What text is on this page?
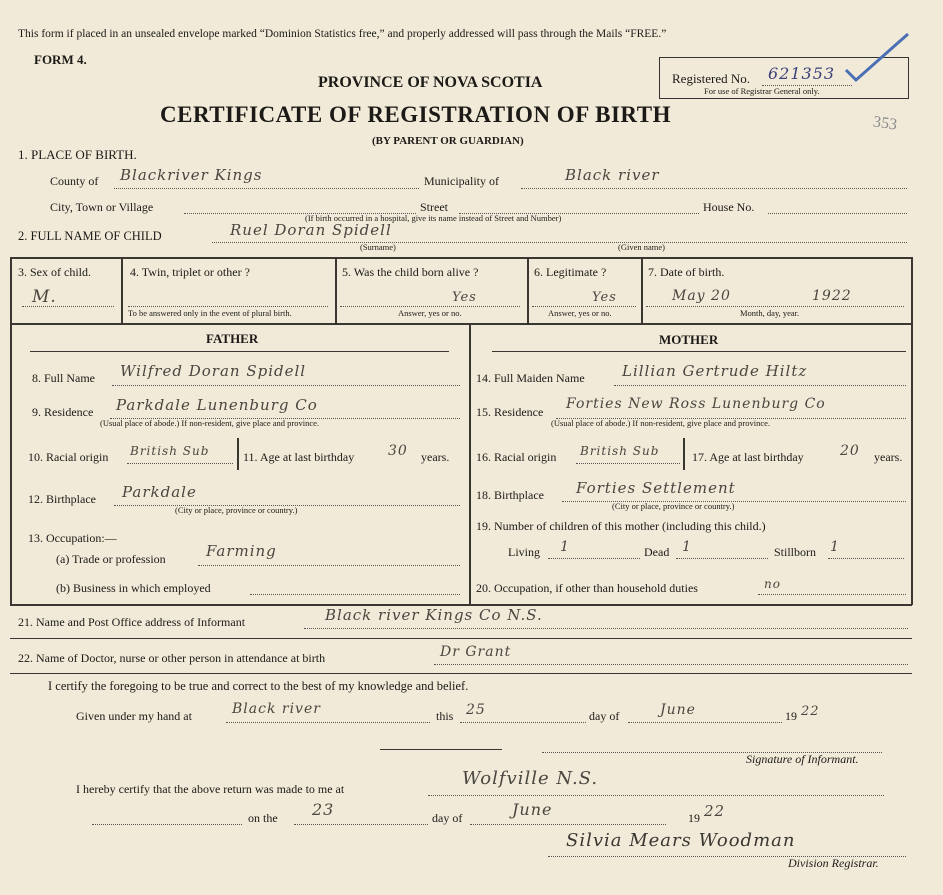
This form if placed in an unsealed envelope marked “Dominion Statistics free,” and properly addressed will pass through the Mails “FREE.”
FORM 4.
Registered No. 621353
For use of Registrar General only.
353
PROVINCE OF NOVA SCOTIA
CERTIFICATE OF REGISTRATION OF BIRTH
(BY PARENT OR GUARDIAN)
1. PLACE OF BIRTH.
County of Blackriver Kings	Municipality of	Black river
City, Town or Village	Street	House No.
(If birth occurred in a hospital, give its name instead of Street and Number)
2. FULL NAME OF CHILD	Ruel Doran Spidell
(Surname)	(Given name)
3. Sex of child.
M.
4. Twin, triplet or other ?
To be answered only in the event of plural birth.
5. Was the child born alive ?
Yes
Answer, yes or no.
6. Legitimate ?
Yes
Answer, yes or no.
7. Date of birth.
May 20	1922
Month, day, year.
FATHER	MOTHER
8. Full Name Wilfred Doran Spidell
9. Residence Parkdale Lunenburg Co
(Usual place of abode.) If non-resident, give place and province.
10. Racial origin British Sub	11. Age at last birthday 30 years.
12. Birthplace Parkdale
(City or place, province or country.)
13. Occupation:—
(a) Trade or profession	Farming
(b) Business in which employed
14. Full Maiden Name Lillian Gertrude Hiltz
15. Residence Forties New Ross Lunenburg Co
(Usual place of abode.) If non-resident, give place and province.
16. Racial origin British Sub	17. Age at last birthday	20 years.
18. Birthplace Forties Settlement
(City or place, province or country.)
19. Number of children of this mother (including this child.)
Living 1	Dead 1	Stillborn 1
20. Occupation, if other than household duties	no
21. Name and Post Office address of Informant	Black river Kings Co N.S.
22. Name of Doctor, nurse or other person in attendance at birth	Dr Grant
I certify the foregoing to be true and correct to the best of my knowledge and belief.
Given under my hand at	Black river	this 25	day of	June	19 22
Signature of Informant.
I hereby certify that the above return was made to me at	Wolfville N.S.
on the 23	day of	June	19 22
Silvia Mears Woodman
Division Registrar.
